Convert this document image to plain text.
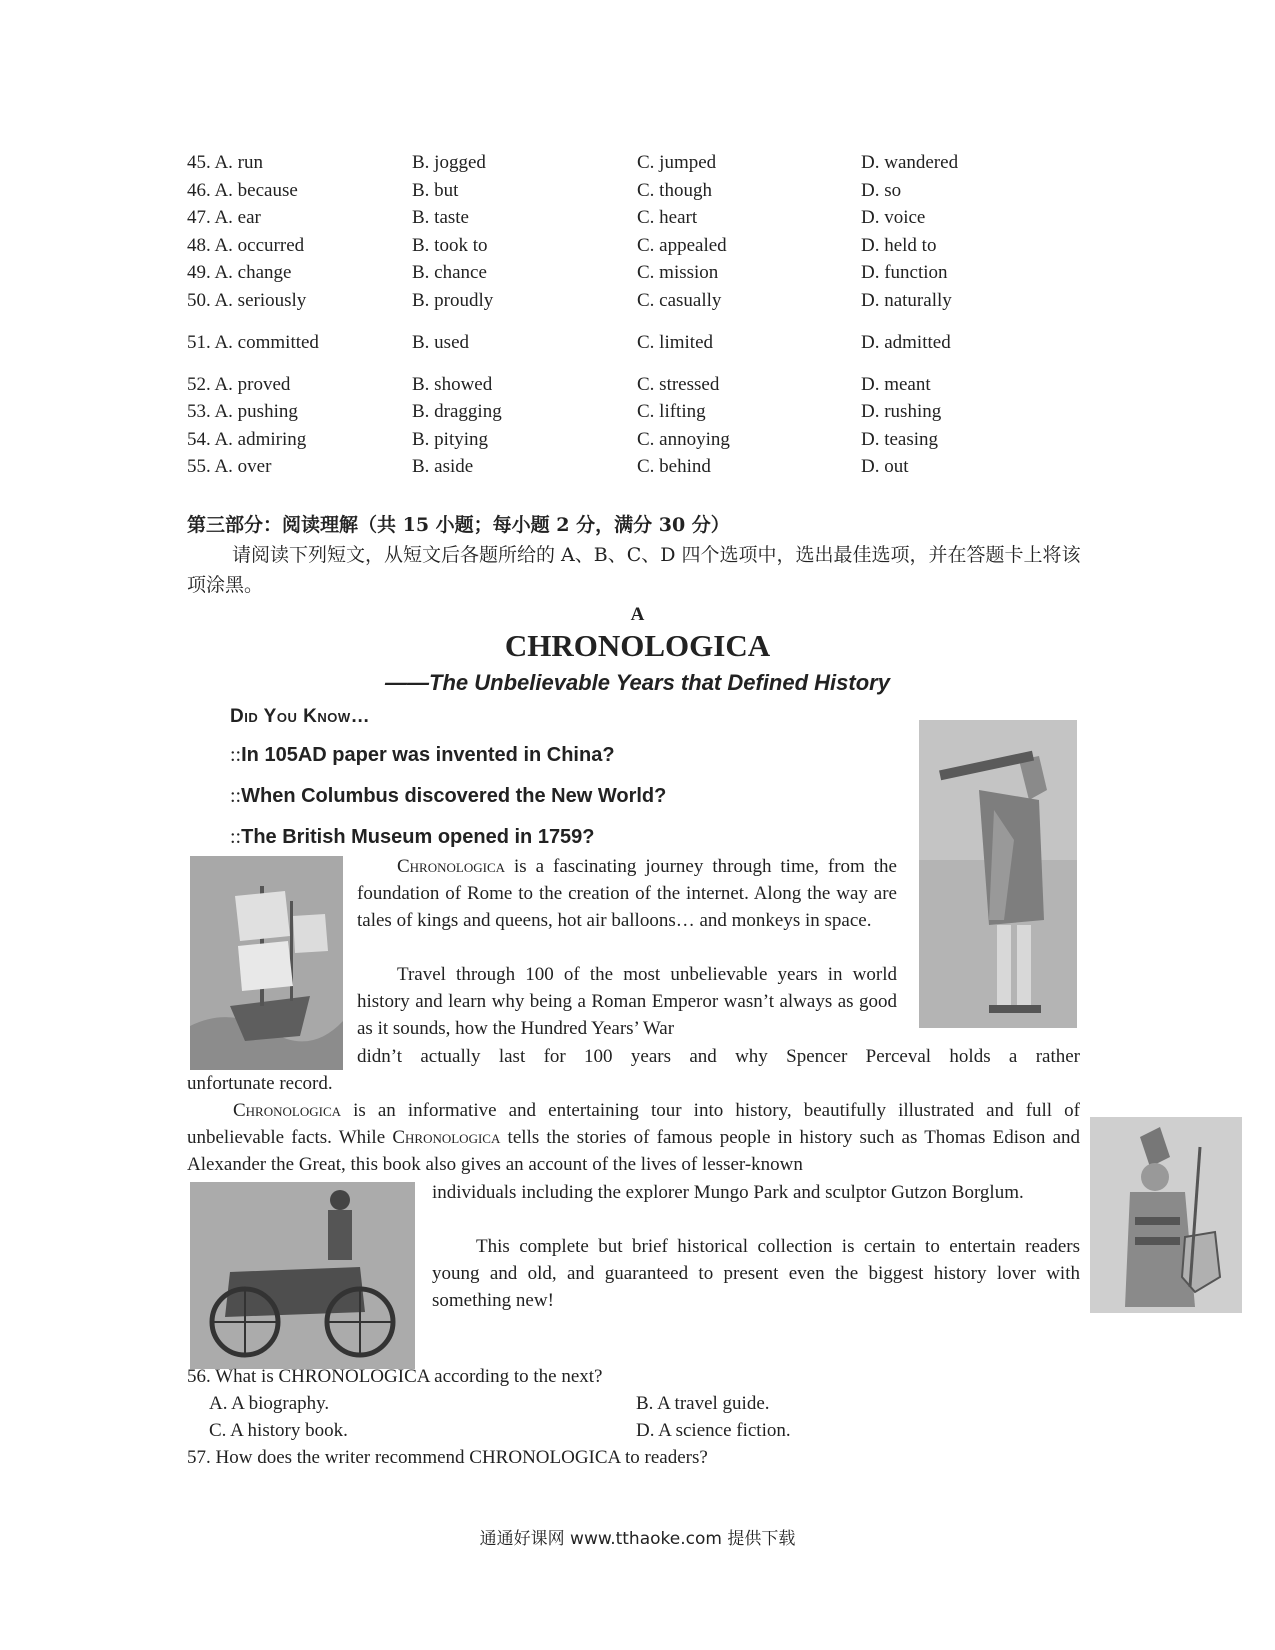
45. A. run	B. jogged	C. jumped	D. wandered
46. A. because	B. but	C. though	D. so
47. A. ear	B. taste	C. heart	D. voice
48. A. occurred	B. took to	C. appealed	D. held to
49. A. change	B. chance	C. mission	D. function
50. A. seriously	B. proudly	C. casually	D. naturally
51. A. committed	B. used	C. limited	D. admitted
52. A. proved	B. showed	C. stressed	D. meant
53. A. pushing	B. dragging	C. lifting	D. rushing
54. A. admiring	B. pitying	C. annoying	D. teasing
55. A. over	B. aside	C. behind	D. out
第三部分：阅读理解（共 15 小题；每小题 2 分，满分 30 分）
请阅读下列短文，从短文后各题所给的 A、B、C、D 四个选项中，选出最佳选项，并在答题卡上将该项涂黑。
A
CHRONOLOGICA
——The Unbelievable Years that Defined History
Did You Know…
::In 105AD paper was invented in China?
::When Columbus discovered the New World?
::The British Museum opened in 1759?
Chronologica is a fascinating journey through time, from the foundation of Rome to the creation of the internet. Along the way are tales of kings and queens, hot air balloons… and monkeys in space.
Travel through 100 of the most unbelievable years in world history and learn why being a Roman Emperor wasn’t always as good as it sounds, how the Hundred Years’ War
didn’t actually last for 100 years and why Spencer Perceval holds a rather
unfortunate record.
Chronologica is an informative and entertaining tour into history, beautifully illustrated and full of unbelievable facts. While Chronologica tells the stories of famous people in history such as Thomas Edison and Alexander the Great, this book also gives an account of the lives of lesser-known
individuals including the explorer Mungo Park and sculptor Gutzon Borglum.
This complete but brief historical collection is certain to entertain readers young and old, and guaranteed to present even the biggest history lover with something new!
56. What is CHRONOLOGICA according to the next?
A. A biography.	B. A travel guide.
C. A history book.	D. A science fiction.
57. How does the writer recommend CHRONOLOGICA to readers?
通通好课网 www.tthaoke.com 提供下载
